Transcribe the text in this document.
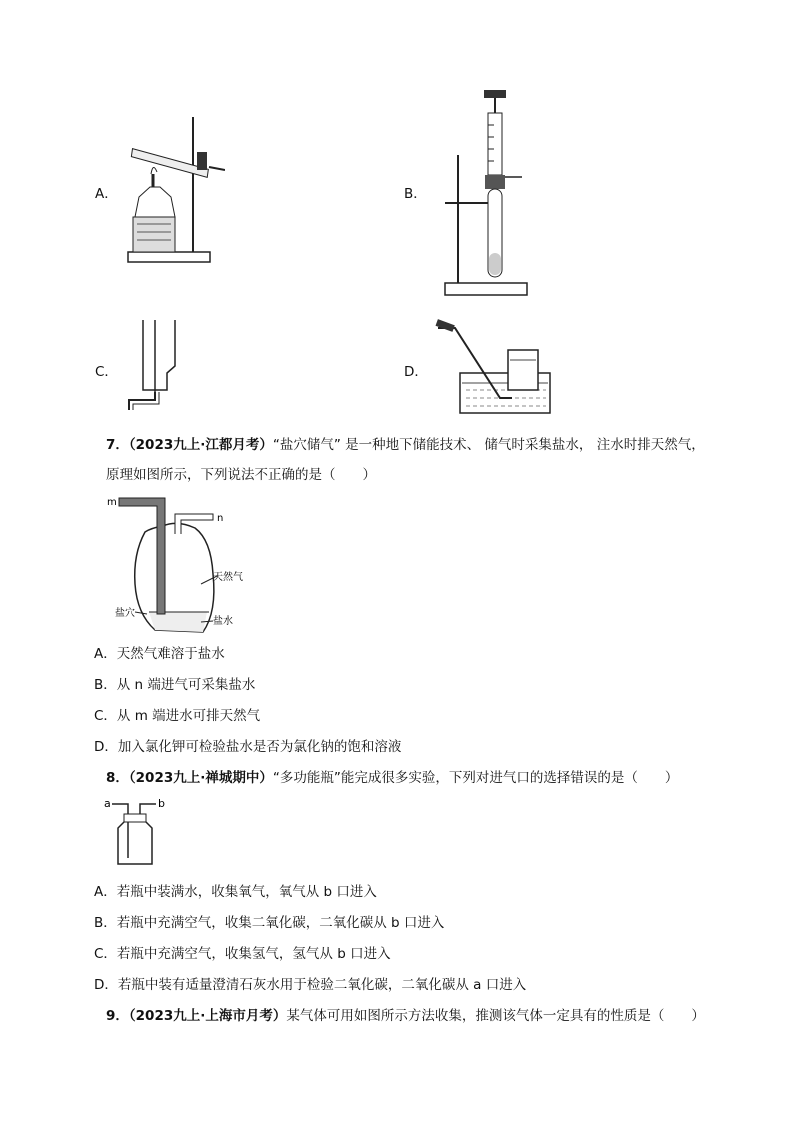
A．	B．
C．	D．
7．（2023九上·江都月考）“盐穴储气” 是一种地下储能技术、 储气时采集盐水， 注水时排天然气，
原理如图所示，下列说法不正确的是（　　）
m
n
天然气
盐穴
盐水
A．天然气难溶于盐水
B．从 n 端进气可采集盐水
C．从 m 端进水可排天然气
D．加入氯化钾可检验盐水是否为氯化钠的饱和溶液
8．（2023九上·禅城期中）“多功能瓶”能完成很多实验，下列对进气口的选择错误的是（　　）
a	b
A．若瓶中装满水，收集氧气，氧气从 b 口进入
B．若瓶中充满空气，收集二氧化碳，二氧化碳从 b 口进入
C．若瓶中充满空气，收集氢气，氢气从 b 口进入
D．若瓶中装有适量澄清石灰水用于检验二氧化碳，二氧化碳从 a 口进入
9．（2023九上·上海市月考）某气体可用如图所示方法收集，推测该气体一定具有的性质是（　　）
